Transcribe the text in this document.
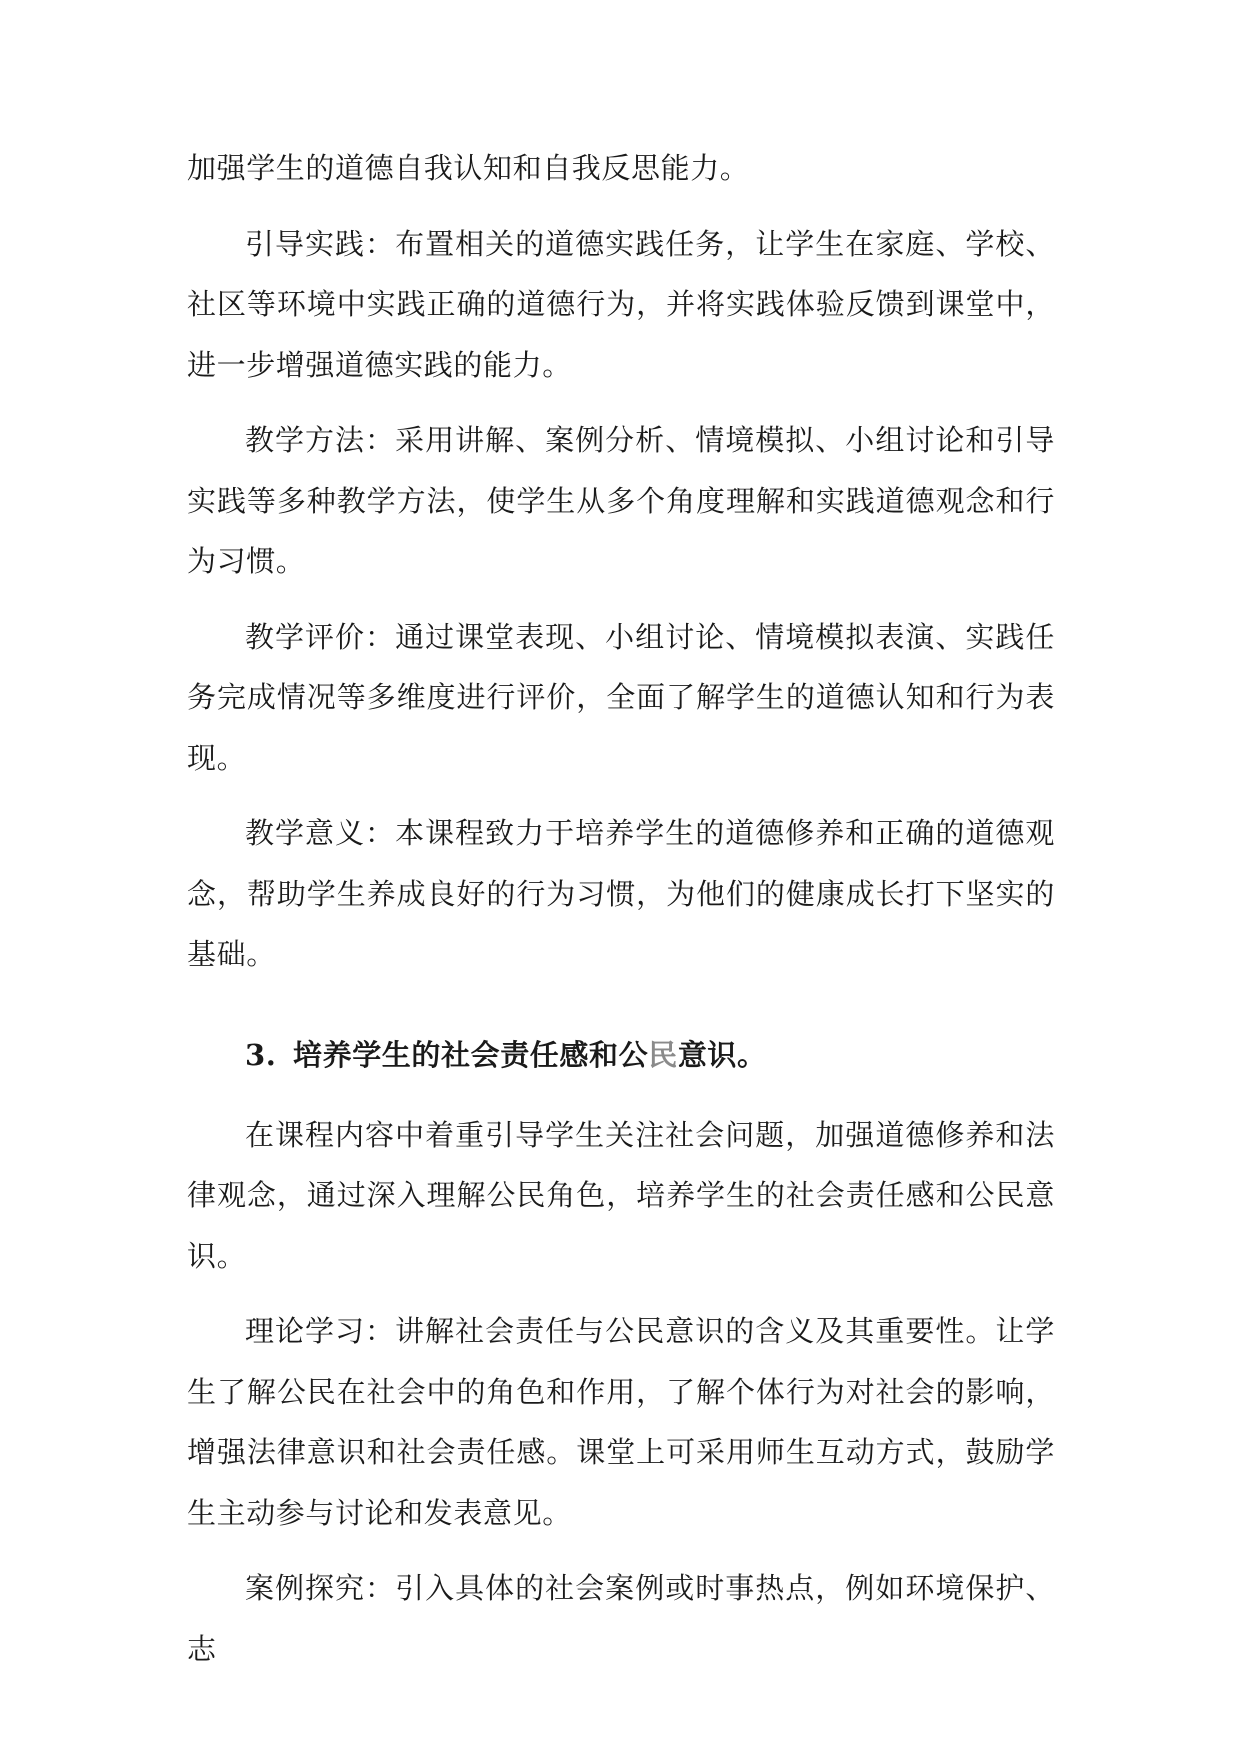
加强学生的道德自我认知和自我反思能力。

引导实践：布置相关的道德实践任务，让学生在家庭、学校、社区等环境中实践正确的道德行为，并将实践体验反馈到课堂中，进一步增强道德实践的能力。

教学方法：采用讲解、案例分析、情境模拟、小组讨论和引导实践等多种教学方法，使学生从多个角度理解和实践道德观念和行为习惯。

教学评价：通过课堂表现、小组讨论、情境模拟表演、实践任务完成情况等多维度进行评价，全面了解学生的道德认知和行为表现。

教学意义：本课程致力于培养学生的道德修养和正确的道德观念，帮助学生养成良好的行为习惯，为他们的健康成长打下坚实的基础。

3. 培养学生的社会责任感和公民意识。

在课程内容中着重引导学生关注社会问题，加强道德修养和法律观念，通过深入理解公民角色，培养学生的社会责任感和公民意识。

理论学习：讲解社会责任与公民意识的含义及其重要性。让学生了解公民在社会中的角色和作用，了解个体行为对社会的影响，增强法律意识和社会责任感。课堂上可采用师生互动方式，鼓励学生主动参与讨论和发表意见。

案例探究：引入具体的社会案例或时事热点，例如环境保护、志
